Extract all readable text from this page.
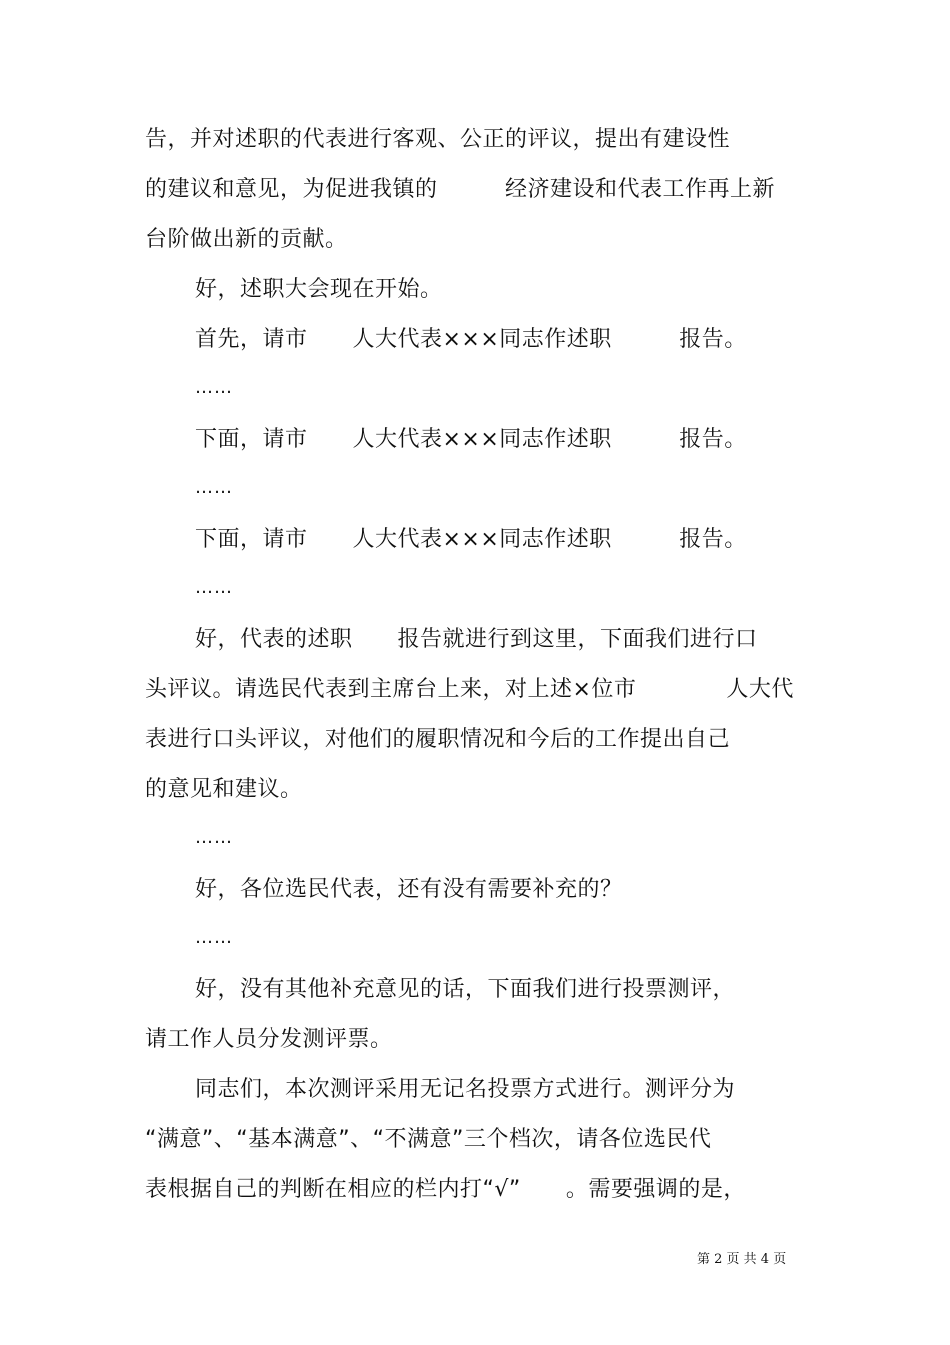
告，并对述职的代表进行客观、公正的评议，提出有建设性
的建议和意见，为促进我镇的　　　经济建设和代表工作再上新
台阶做出新的贡献。
好，述职大会现在开始。
首先，请市　　人大代表×××同志作述职　　　报告。
……
下面，请市　　人大代表×××同志作述职　　　报告。
……
下面，请市　　人大代表×××同志作述职　　　报告。
……
好，代表的述职　　报告就进行到这里，下面我们进行口
头评议。请选民代表到主席台上来，对上述×位市　　　　人大代
表进行口头评议，对他们的履职情况和今后的工作提出自己
的意见和建议。
……
好，各位选民代表，还有没有需要补充的？
……
好，没有其他补充意见的话，下面我们进行投票测评，
请工作人员分发测评票。
同志们，本次测评采用无记名投票方式进行。测评分为
“满意”、“基本满意”、“不满意”三个档次，请各位选民代
表根据自己的判断在相应的栏内打“√”　　。需要强调的是，
第 2 页 共 4 页
